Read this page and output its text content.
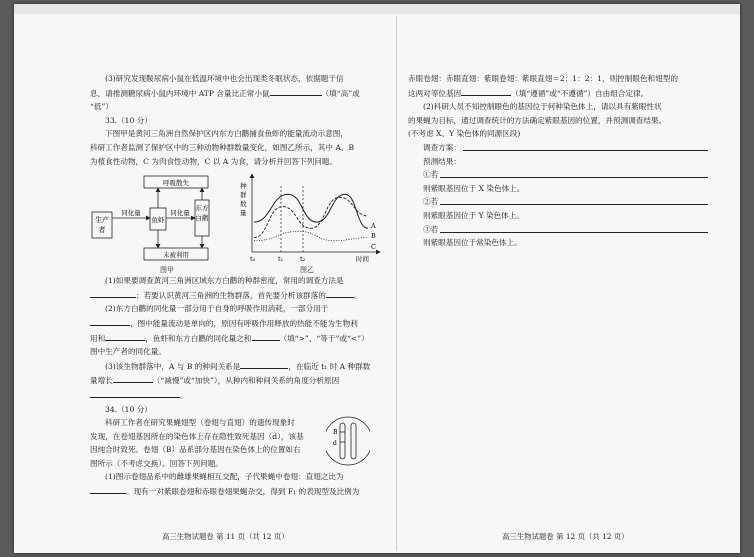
(3)研究发现鞍尿病小鼠在低温环境中也会出现类冬眠状态，依据题干信

息，请推测糖尿病小鼠内环境中 ATP 含量比正常小鼠	（填“高”或

“低”）

33.（10 分）

下图甲是黄河三角洲自然保护区内东方白鹳捕食鱼虾的能量流动示意图，

科研工作者监测了保护区中的三种动物种群数量变化，如图乙所示，其中 A、B

为植食性动物，C 为肉食性动物，C 以 A 为食，请分析并回答下列问题。

生产
者
同化量
鱼虾
同化量
东方
白鹳
呼吸散失
未被利用
图甲
种
群
数
量
时间
t₀	t₁	t₂
A
B
C
图乙

(1)如果要调查黄河三角洲区域东方白鹳的种群密度，常用的调查方法是

；若要认识黄河三角洲的生物群落，首先要分析该群落的	。

(2)东方白鹳的同化量一部分用于自身的呼吸作用消耗，一部分用于

，图中能量流动是单向的，原因有呼吸作用释放的热能不能为生物利

用和	，鱼虾和东方白鹳的同化量之和	（填“>”、“等于”或“<”）

图中生产者的同化量。

(3)该生物群落中，A 与 B 的种间关系是	，在临近 t₁ 时 A 种群数

量增长	（“减慢”或“加快”），从种内和种间关系的角度分析原因

。

34.（10 分）

科研工作者在研究果蝇翅型（卷翅与直翅）的遗传现象时

发现，在卷翅基因所在的染色体上存在隐性致死基因（d），该基

因纯合时致死。卷翅（B）品系部分基因在染色体上的位置如右

图所示（不考虑交换）。回答下列问题。

B
d

(1)图示卷翅品系中的雌雄果蝇相互交配，子代果蝇中卷翅：直翅之比为

。现有一对紫眼卷翅和赤眼卷翅果蝇杂交，得到 F₁ 的表现型及比例为

高三生物试题卷 第 11 页（共 12 页）

赤眼卷翅：赤眼直翅：紫眼卷翅：紫眼直翅＝2：1：2：1，则控制眼色和翅型的

这两对等位基因	（填“遵循”或“不遵循”）自由组合定律。

(2)科研人员不知控制眼色的基因位于何种染色体上，请以具有紫眼性状

的果蝇为目标，通过调查统计的方法确定紫眼基因的位置，并预测调查结果。

(不考虑 X、Y 染色体的同源区段)

调查方案：

预测结果：

①若

则紫眼基因位于 X 染色体上。

②若

则紫眼基因位于 Y 染色体上。

③若

则紫眼基因位于常染色体上。

高三生物试题卷 第 12 页（共 12 页）
